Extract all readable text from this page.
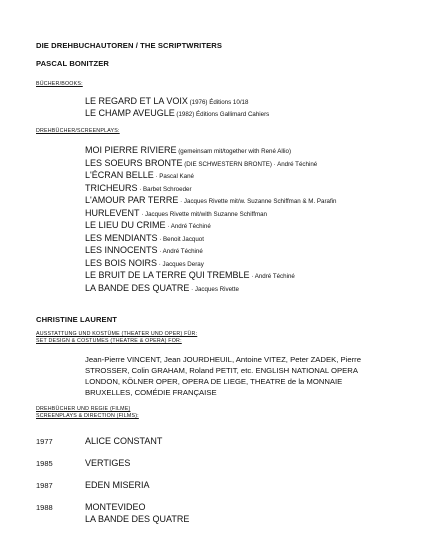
DIE DREHBUCHAUTOREN / THE SCRIPTWRITERS
PASCAL BONITZER
BÜCHER/BOOKS:
LE REGARD ET LA VOIX (1976) Éditions 10/18
LE CHAMP AVEUGLE (1982) Éditions Gallimard Cahiers
DREHBÜCHER/SCREENPLAYS:
MOI PIERRE RIVIERE (gemeinsam mit/together with René Allio)
LES SOEURS BRONTE (DIE SCHWESTERN BRONTE) · André Téchiné
L'ÉCRAN BELLE · Pascal Kané
TRICHEURS · Barbet Schroeder
L'AMOUR PAR TERRE · Jacques Rivette mit/w. Suzanne Schiffman & M. Parafin
HURLEVENT · Jacques Rivette mit/with Suzanne Schiffman
LE LIEU DU CRIME · André Téchiné
LES MENDIANTS · Benoit Jacquot
LES INNOCENTS · André Téchiné
LES BOIS NOIRS · Jacques Deray
LE BRUIT DE LA TERRE QUI TREMBLE · André Téchiné
LA BANDE DES QUATRE · Jacques Rivette
CHRISTINE LAURENT
AUSSTATTUNG UND KOSTÜME (THEATER UND OPER) FÜR:
SET DESIGN & COSTUMES (THEATRE & OPERA) FOR:
Jean-Pierre VINCENT, Jean JOURDHEUIL, Antoine VITEZ, Peter ZADEK, Pierre
STROSSER, Colin GRAHAM, Roland PETIT, etc. ENGLISH NATIONAL OPERA
LONDON, KÖLNER OPER, OPERA DE LIEGE, THEATRE de la MONNAIE
BRUXELLES, COMÉDIE FRANÇAISE
DREHBÜCHER UND REGIE (FILME)
SCREENPLAYS & DIRECTION (FILMS):
1977	ALICE CONSTANT
1985	VERTIGES
1987	EDEN MISERIA
1988	MONTEVIDEO
LA BANDE DES QUATRE
